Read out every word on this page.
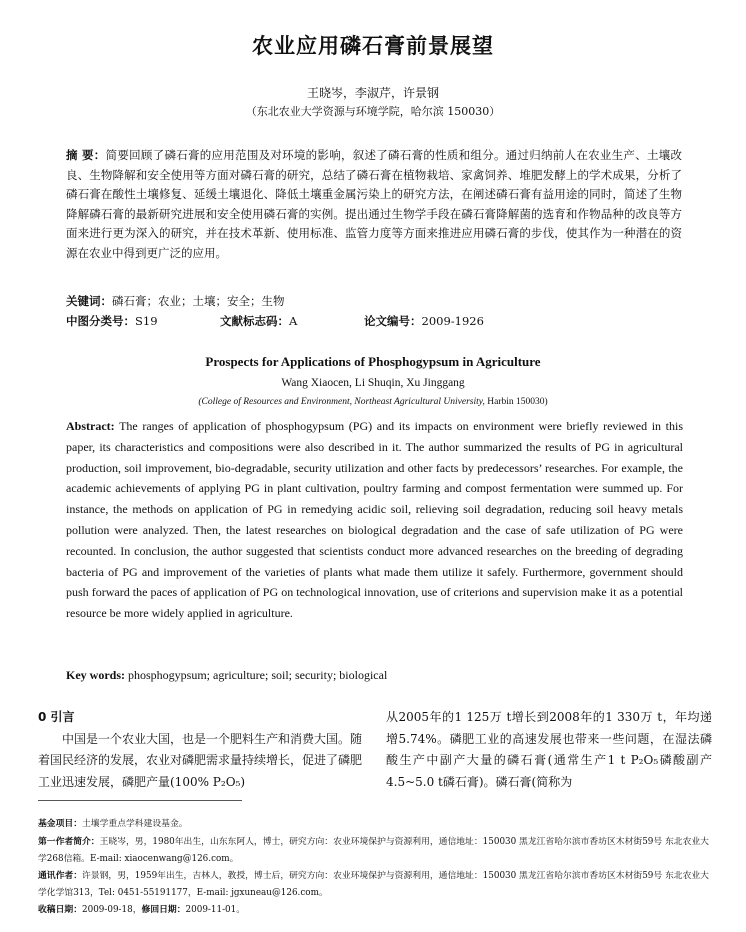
农业应用磷石膏前景展望
王晓岑，李淑芹，许景钢
（东北农业大学资源与环境学院，哈尔滨 150030）
摘 要：简要回顾了磷石膏的应用范围及对环境的影响，叙述了磷石膏的性质和组分。通过归纳前人在农业生产、土壤改良、生物降解和安全使用等方面对磷石膏的研究，总结了磷石膏在植物栽培、家禽饲养、堆肥发酵上的学术成果，分析了磷石膏在酸性土壤修复、延缓土壤退化、降低土壤重金属污染上的研究方法，在阐述磷石膏有益用途的同时，简述了生物降解磷石膏的最新研究进展和安全使用磷石膏的实例。提出通过生物学手段在磷石膏降解菌的选育和作物品种的改良等方面来进行更为深入的研究，并在技术革新、使用标准、监管力度等方面来推进应用磷石膏的步伐，使其作为一种潜在的资源在农业中得到更广泛的应用。
关键词：磷石膏；农业；土壤；安全；生物
中图分类号：S19	文献标志码：A	论文编号：2009-1926
Prospects for Applications of Phosphogypsum in Agriculture
Wang Xiaocen, Li Shuqin, Xu Jinggang
(College of Resources and Environment, Northeast Agricultural University, Harbin 150030)
Abstract: The ranges of application of phosphogypsum (PG) and its impacts on environment were briefly reviewed in this paper, its characteristics and compositions were also described in it. The author summarized the results of PG in agricultural production, soil improvement, bio-degradable, security utilization and other facts by predecessors’ researches. For example, the academic achievements of applying PG in plant cultivation, poultry farming and compost fermentation were summed up. For instance, the methods on application of PG in remedying acidic soil, relieving soil degradation, reducing soil heavy metals pollution were analyzed. Then, the latest researches on biological degradation and the case of safe utilization of PG were recounted. In conclusion, the author suggested that scientists conduct more advanced researches on the breeding of degrading bacteria of PG and improvement of the varieties of plants what made them utilize it safely. Furthermore, government should push forward the paces of application of PG on technological innovation, use of criterions and supervision make it as a potential resource be more widely applied in agriculture.
Key words: phosphogypsum; agriculture; soil; security; biological
0 引言
中国是一个农业大国，也是一个肥料生产和消费大国。随着国民经济的发展，农业对磷肥需求量持续增长，促进了磷肥工业迅速发展，磷肥产量(100% P₂O₅)
从2005年的1 125万 t增长到2008年的1 330万 t，年均递增5.74%。磷肥工业的高速发展也带来一些问题，在湿法磷酸生产中副产大量的磷石膏(通常生产1 t P₂O₅磷酸副产4.5~5.0 t磷石膏)。磷石膏(简称为
基金项目：土壤学重点学科建设基金。
第一作者简介：王晓岑，男，1980年出生，山东东阿人，博士，研究方向：农业环境保护与资源利用，通信地址：150030 黑龙江省哈尔滨市香坊区木材街59号 东北农业大学268信箱。E-mail: xiaocenwang@126.com。
通讯作者：许景钢，男，1959年出生，吉林人，教授，博士后，研究方向：农业环境保护与资源利用，通信地址：150030 黑龙江省哈尔滨市香坊区木材街59号 东北农业大学化学馆313，Tel: 0451-55191177，E-mail: jgxuneau@126.com。
收稿日期：2009-09-18，修回日期：2009-11-01。
